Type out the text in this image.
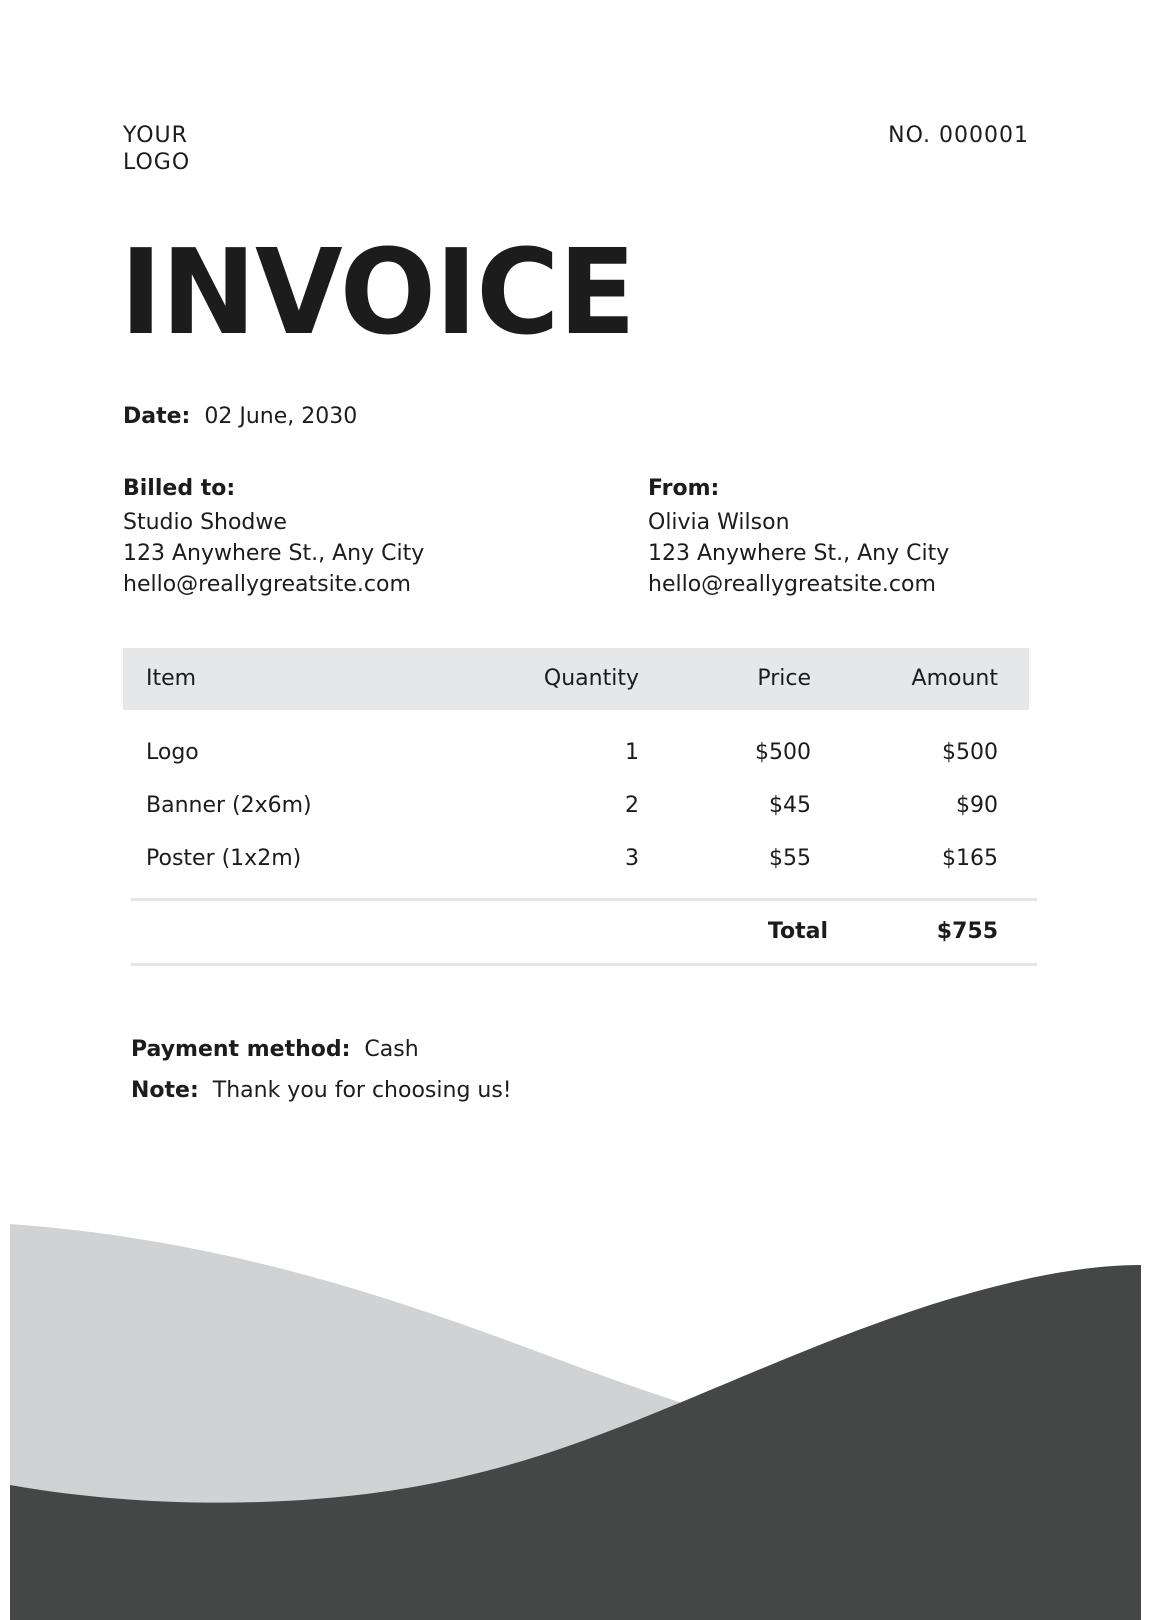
YOUR
LOGO
NO. 000001
INVOICE
Date: 02 June, 2030
Billed to:
Studio Shodwe
123 Anywhere St., Any City
hello@reallygreatsite.com
From:
Olivia Wilson
123 Anywhere St., Any City
hello@reallygreatsite.com
Item	Quantity	Price	Amount
Logo	1	$500	$500
Banner (2x6m)	2	$45	$90
Poster (1x2m)	3	$55	$165
Total	$755
Payment method: Cash
Note: Thank you for choosing us!
